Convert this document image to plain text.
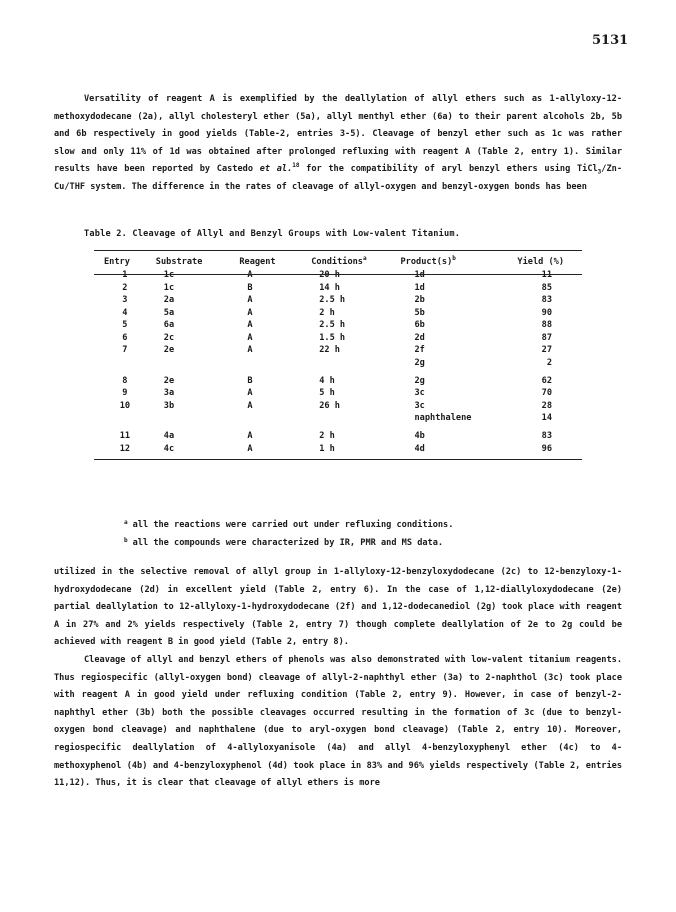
5131

Versatility of reagent A is exemplified by the deallylation of allyl ethers such as 1-allyloxy-12-methoxydodecane (2a), allyl cholesteryl ether (5a), allyl menthyl ether (6a) to their parent alcohols 2b, 5b and 6b respectively in good yields (Table-2, entries 3-5). Cleavage of benzyl ether such as 1c was rather slow and only 11% of 1d was obtained after prolonged refluxing with reagent A (Table 2, entry 1). Similar results have been reported by Castedo et al.$^{18}$ for the compatibility of aryl benzyl ethers using TiCl$_3$/Zn-Cu/THF system. The difference in the rates of cleavage of allyl-oxygen and benzyl-oxygen bonds has been

Table 2. Cleavage of Allyl and Benzyl Groups with Low-valent Titanium.
Entry	Substrate	Reagent	Conditions$^a$	$Product(s)^b$	Yield (%)
1	1c	A	20 h	1d	11
2	1c	B	14 h	1d	85
3	2a	A	2.5 h	2b	83
4	5a	A	2 h	5b	90
5	6a	A	2.5 h	6b	88
6	2c	A	1.5 h	2d	87
7	2e	A	22 h	2f	27
				2g	2
8	2e	B	4 h	2g	62
9	3a	A	5 h	3c	70
10	3b	A	26 h	3c	28
				naphthalene	14
11	4a	A	2 h	4b	83
12	4c	A	1 h	4d	96

$^a$ all the reactions were carried out under refluxing conditions.

$^b$ all the compounds were characterized by IR, PMR and MS data.

utilized in the selective removal of allyl group in 1-allyloxy-12-benzyloxydodecane (2c) to 12-benzyloxy-1-hydroxydodecane (2d) in excellent yield (Table 2, entry 6). In the case of 1,12-diallyloxydodecane (2e) partial deallylation to 12-allyloxy-1-hydroxydodecane (2f) and 1,12-dodecanediol (2g) took place with reagent A in 27% and 2% yields respectively (Table 2, entry 7) though complete deallylation of 2e to 2g could be achieved with reagent B in good yield (Table 2, entry 8).

Cleavage of allyl and benzyl ethers of phenols was also demonstrated with low-valent titanium reagents. Thus regiospecific (allyl-oxygen bond) cleavage of allyl-2-naphthyl ether (3a) to 2-naphthol (3c) took place with reagent A in good yield under refluxing condition (Table 2, entry 9). However, in case of benzyl-2-naphthyl ether (3b) both the possible cleavages occurred resulting in the formation of 3c (due to benzyl-oxygen bond cleavage) and naphthalene (due to aryl-oxygen bond cleavage) (Table 2, entry 10). Moreover, regiospecific deallylation of 4-allyloxyanisole (4a) and allyl 4-benzyloxyphenyl ether (4c) to 4-methoxyphenol (4b) and 4-benzyloxyphenol (4d) took place in 83% and 96% yields respectively (Table 2, entries 11,12). Thus, it is clear that cleavage of allyl ethers is more
